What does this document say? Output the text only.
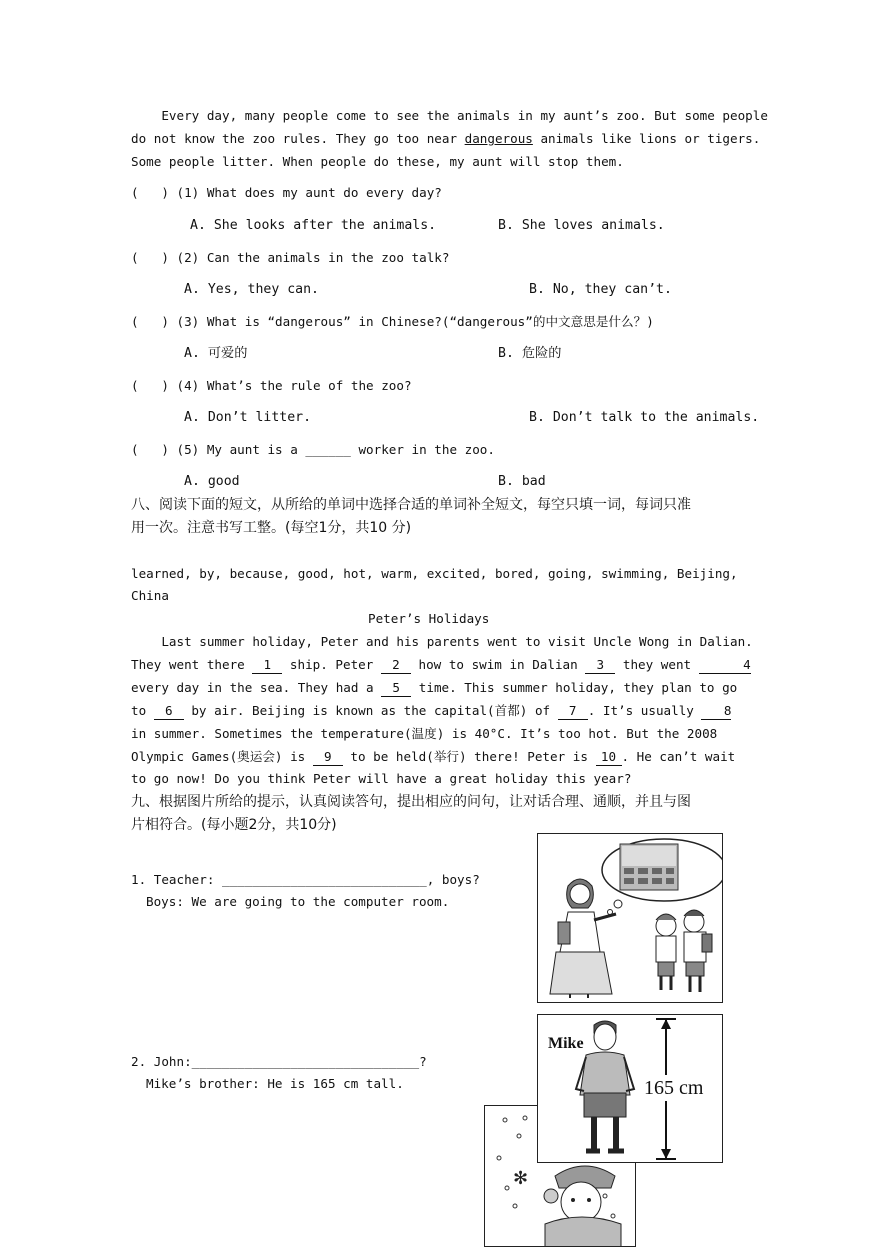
Every day, many people come to see the animals in my aunt’s zoo. But some people
do not know the zoo rules. They go too near dangerous animals like lions or tigers.
Some people litter. When people do these, my aunt will stop them.
(   ) (1) What does my aunt do every day?
A. She looks after the animals.	B. She loves animals.
(   ) (2) Can the animals in the zoo talk?
A. Yes, they can.	B. No, they can’t.
(   ) (3) What is “dangerous” in Chinese?(“dangerous”的中文意思是什么？)
A. 可爱的	B. 危险的
(   ) (4) What’s the rule of the zoo?
A. Don’t litter.	B. Don’t talk to the animals.
(   ) (5) My aunt is a ______ worker in the zoo.
A. good	B. bad
八、阅读下面的短文，从所给的单词中选择合适的单词补全短文，每空只填一词，每词只准
用一次。注意书写工整。(每空1分，共10 分)
learned, by, because, good, hot, warm, excited, bored, going, swimming, Beijing,
China
Peter’s Holidays
Last summer holiday, Peter and his parents went to visit Uncle Wong in Dalian.
They went there 1 ship. Peter 2 how to swim in Dalian 3 they went	4
every day in the sea. They had a 5 time. This summer holiday, they plan to go
to 6 by air. Beijing is known as the capital(首都) of 7 . It’s usually 8
in summer. Sometimes the temperature(温度) is 40°C. It’s too hot. But the 2008
Olympic Games(奥运会) is 9 to be held(举行) there! Peter is 10 . He can’t wait
to go now! Do you think Peter will have a great holiday this year?
九、根据图片所给的提示，认真阅读答句，提出相应的问句，让对话合理、通顺，并且与图
片相符合。(每小题2分，共10分)
1. Teacher: ___________________________, boys?
Boys: We are going to the computer room.
2. John:______________________________?
Mike’s brother: He is 165 cm tall.
✻
Mike
165 cm
